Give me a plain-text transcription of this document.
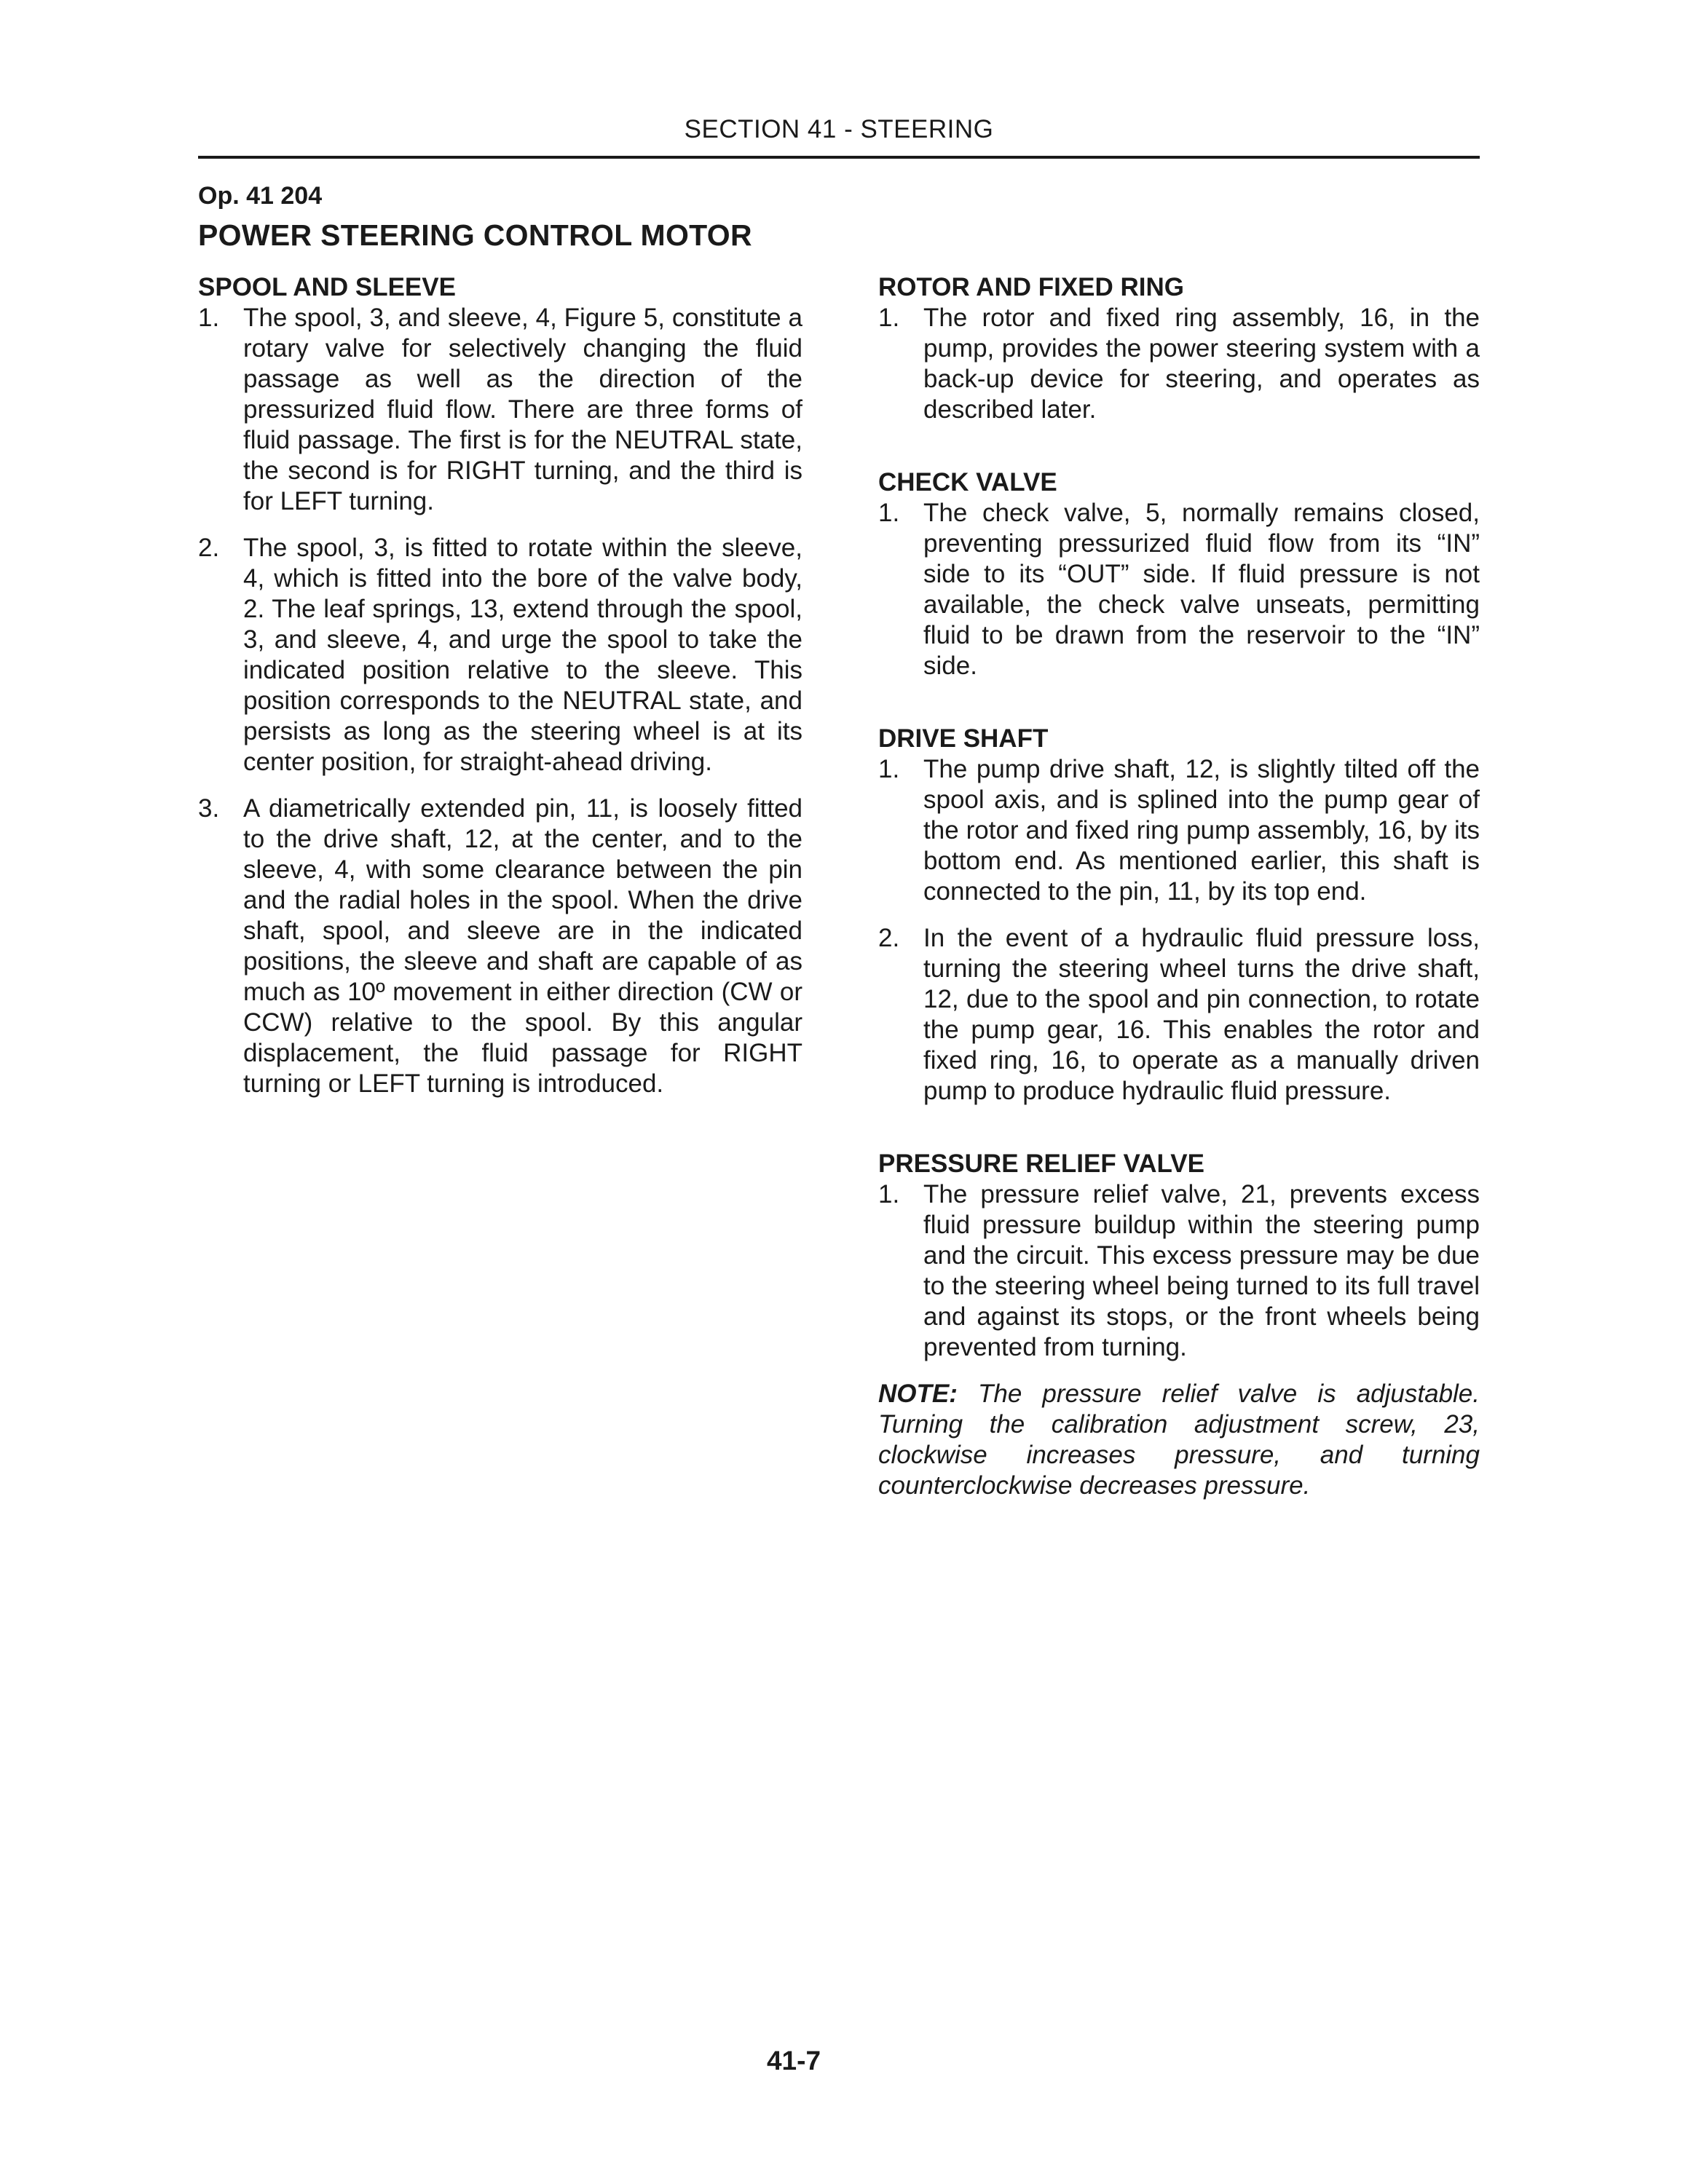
SECTION 41 - STEERING
Op. 41 204
POWER STEERING CONTROL MOTOR
SPOOL AND SLEEVE
1. The spool, 3, and sleeve, 4, Figure 5, constitute a rotary valve for selectively changing the fluid passage as well as the direction of the pressurized fluid flow. There are three forms of fluid passage. The first is for the NEUTRAL state, the second is for RIGHT turning, and the third is for LEFT turning.
2. The spool, 3, is fitted to rotate within the sleeve, 4, which is fitted into the bore of the valve body, 2. The leaf springs, 13, extend through the spool, 3, and sleeve, 4, and urge the spool to take the indicated position relative to the sleeve. This position corresponds to the NEUTRAL state, and persists as long as the steering wheel is at its center position, for straight-ahead driving.
3. A diametrically extended pin, 11, is loosely fitted to the drive shaft, 12, at the center, and to the sleeve, 4, with some clearance between the pin and the radial holes in the spool. When the drive shaft, spool, and sleeve are in the indicated positions, the sleeve and shaft are capable of as much as 10º movement in either direction (CW or CCW) relative to the spool. By this angular displacement, the fluid passage for RIGHT turning or LEFT turning is introduced.
ROTOR AND FIXED RING
1. The rotor and fixed ring assembly, 16, in the pump, provides the power steering system with a back-up device for steering, and operates as described later.
CHECK VALVE
1. The check valve, 5, normally remains closed, preventing pressurized fluid flow from its “IN” side to its “OUT” side. If fluid pressure is not available, the check valve unseats, permitting fluid to be drawn from the reservoir to the “IN” side.
DRIVE SHAFT
1. The pump drive shaft, 12, is slightly tilted off the spool axis, and is splined into the pump gear of the rotor and fixed ring pump assembly, 16, by its bottom end. As mentioned earlier, this shaft is connected to the pin, 11, by its top end.
2. In the event of a hydraulic fluid pressure loss, turning the steering wheel turns the drive shaft, 12, due to the spool and pin connection, to rotate the pump gear, 16. This enables the rotor and fixed ring, 16, to operate as a manually driven pump to produce hydraulic fluid pressure.
PRESSURE RELIEF VALVE
1. The pressure relief valve, 21, prevents excess fluid pressure buildup within the steering pump and the circuit. This excess pressure may be due to the steering wheel being turned to its full travel and against its stops, or the front wheels being prevented from turning.

NOTE: The pressure relief valve is adjustable. Turning the calibration adjustment screw, 23, clockwise increases pressure, and turning counterclockwise decreases pressure.

41-7
